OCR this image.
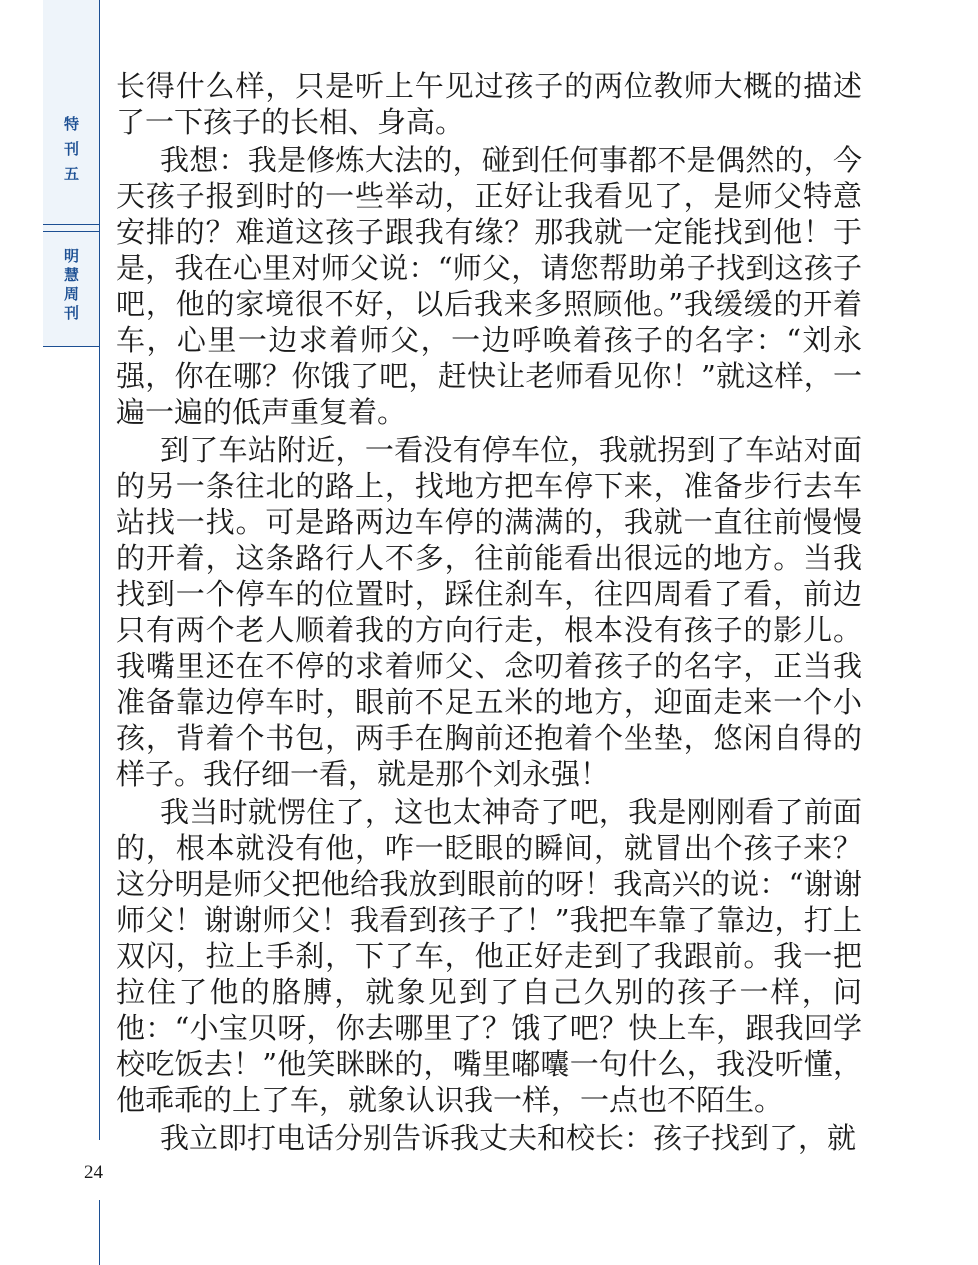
特
刊
五
明
慧
周
刊

长得什么样，只是听上午见过孩子的两位教师大概的描述了一下孩子的长相、身高。

我想：我是修炼大法的，碰到任何事都不是偶然的，今天孩子报到时的一些举动，正好让我看见了，是师父特意安排的？难道这孩子跟我有缘？那我就一定能找到他！于是，我在心里对师父说：“师父，请您帮助弟子找到这孩子吧，他的家境很不好，以后我来多照顾他。”我缓缓的开着车，心里一边求着师父，一边呼唤着孩子的名字：“刘永强，你在哪？你饿了吧，赶快让老师看见你！”就这样，一遍一遍的低声重复着。

到了车站附近，一看没有停车位，我就拐到了车站对面的另一条往北的路上，找地方把车停下来，准备步行去车站找一找。可是路两边车停的满满的，我就一直往前慢慢的开着，这条路行人不多，往前能看出很远的地方。当我找到一个停车的位置时，踩住刹车，往四周看了看，前边只有两个老人顺着我的方向行走，根本没有孩子的影儿。我嘴里还在不停的求着师父、念叨着孩子的名字，正当我准备靠边停车时，眼前不足五米的地方，迎面走来一个小孩，背着个书包，两手在胸前还抱着个坐垫，悠闲自得的样子。我仔细一看，就是那个刘永强！

我当时就愣住了，这也太神奇了吧，我是刚刚看了前面的，根本就没有他，咋一眨眼的瞬间，就冒出个孩子来？这分明是师父把他给我放到眼前的呀！我高兴的说：“谢谢师父！谢谢师父！我看到孩子了！”我把车靠了靠边，打上双闪，拉上手刹，下了车，他正好走到了我跟前。我一把拉住了他的胳膊，就象见到了自己久别的孩子一样，问他：“小宝贝呀，你去哪里了？饿了吧？快上车，跟我回学校吃饭去！”他笑眯眯的，嘴里嘟囔一句什么，我没听懂，他乖乖的上了车，就象认识我一样，一点也不陌生。

我立即打电话分别告诉我丈夫和校长：孩子找到了，就

24
